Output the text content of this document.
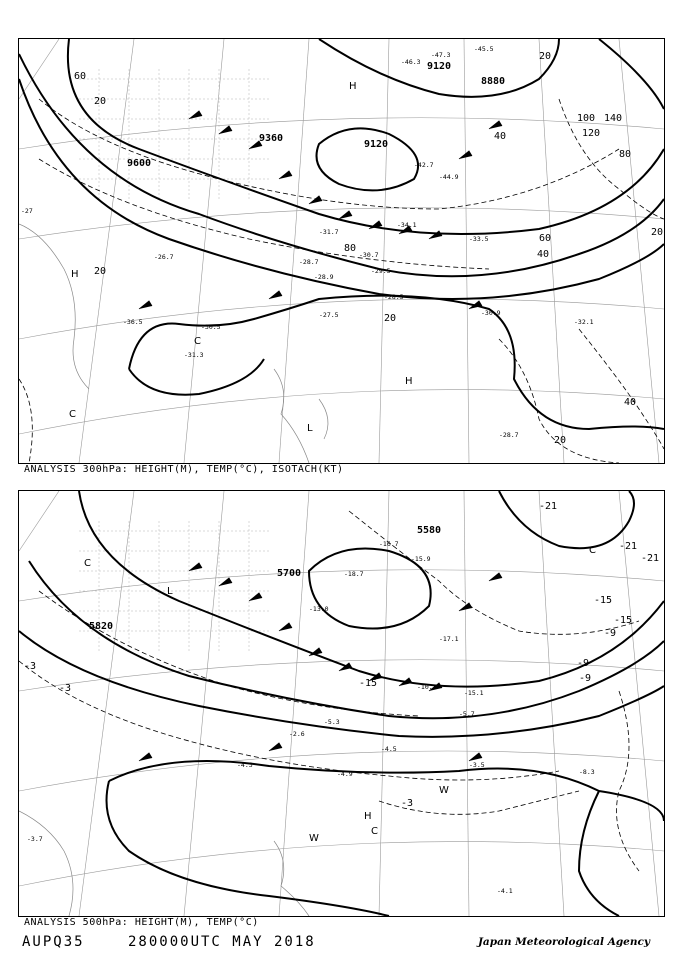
9120
9120
8880
9360
9600
20
40
60
80
100
120
140
20
40
60
80
20
40
20
20
20
-45.5
-46.3
-47.3
-44.9
-42.7
-34.1
-33.5
-31.7
-30.7
-28.7
-28.9
-27.5
-29.5
-28.5
-30.9
-32.1
-31.3
-30.5
-26.7
-27
-28.7
-36.5
H
H
H
L
C
C
ANALYSIS 300hPa: HEIGHT(M), TEMP(°C), ISOTACH(KT)
5580
5700
5820
-3
-3
-9
-9
-15
-15
-21
-21
-3
-9
-15
-21
-16.7
-15.9
-18.7
-17.1
-10.3
-5.7
-4.5
-3.5
-4.1
-8.3
-3.7
-2.6
-4.3
-4.9
-13.0
-15.1
-5.3
H
L
W
W
C
C
C
ANALYSIS 500hPa: HEIGHT(M), TEMP(°C)
AUPQ35	280000UTC MAY 2018	Japan Meteorological Agency
